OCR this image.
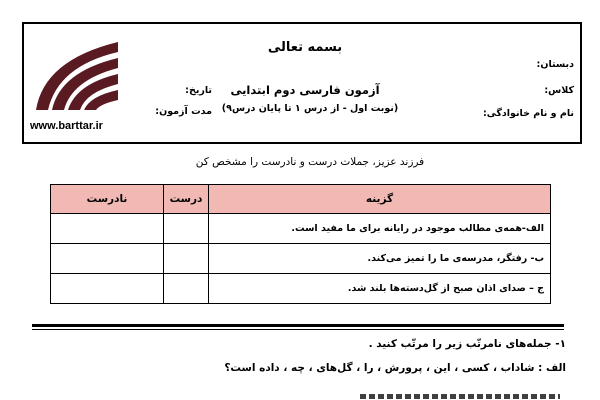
www.barttar.ir
بسمه تعالی
آزمون فارسی دوم ابتدایی
(نوبت اول - از درس ۱ تا پایان درس۹)
دبستان:
کلاس:
نام و نام خانوادگی:
تاریخ:
مدت آزمون:
فرزند عزیز، جملات درست و نادرست را مشخص کن
گزینه	درست	نادرست
الف-همه‌ی مطالب موجود در رایانه برای ما مفید است.		
ب- رفتگر، مدرسه‌ی ما را تمیز می‌کند.		
ج – صدای اذان صبح از گل‌دسته‌ها بلند شد.		
۱- جمله‌های نامرتّب زیر را مرتّب کنید .
الف : شاداب ، کسی ، این ، پرورش ، را ، گل‌های ، چه ، داده است؟
